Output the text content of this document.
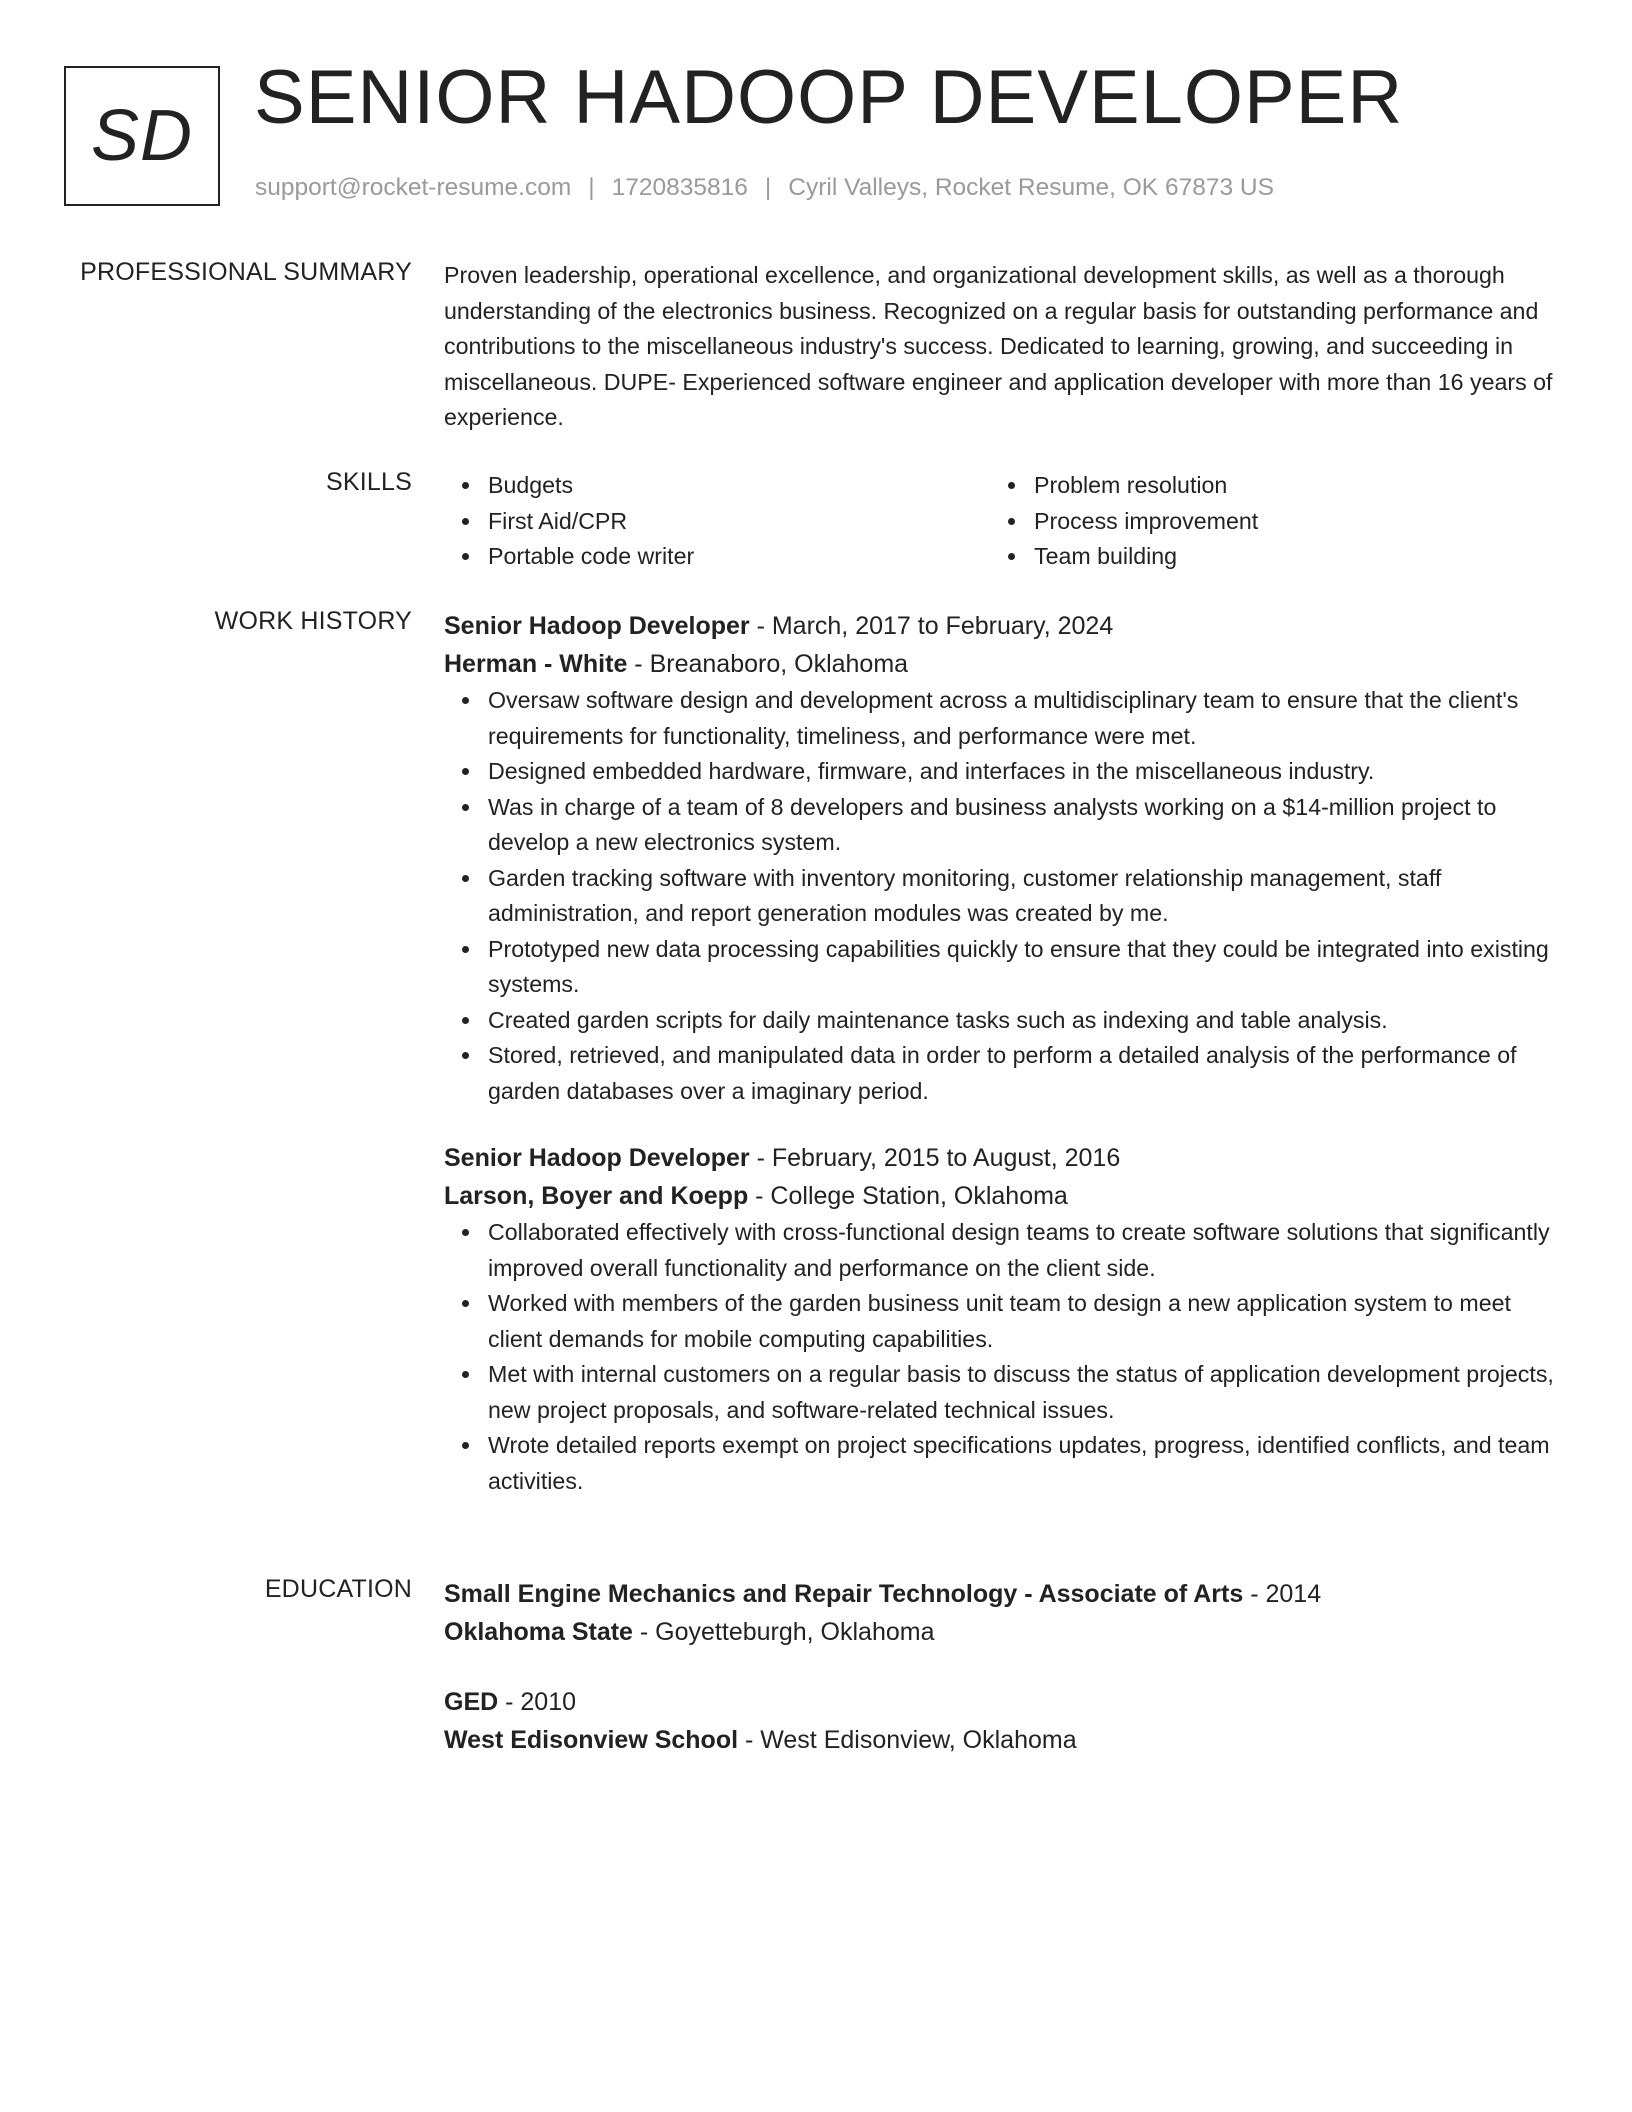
SD SENIOR HADOOP DEVELOPER
support@rocket-resume.com | 1720835816 | Cyril Valleys, Rocket Resume, OK 67873 US
PROFESSIONAL SUMMARY Proven leadership, operational excellence, and organizational development skills, as well as a thorough understanding of the electronics business. Recognized on a regular basis for outstanding performance and contributions to the miscellaneous industry's success. Dedicated to learning, growing, and succeeding in miscellaneous. DUPE- Experienced software engineer and application developer with more than 16 years of experience.

SKILLS	Budgets
First Aid/CPR
Portable code writer
Problem resolution
Process improvement
Team building
WORK HISTORY Senior Hadoop Developer - March, 2017 to February, 2024
Herman - White - Breanaboro, Oklahoma
Oversaw software design and development across a multidisciplinary team to ensure that the client's requirements for functionality, timeliness, and performance were met.
Designed embedded hardware, firmware, and interfaces in the miscellaneous industry.
Was in charge of a team of 8 developers and business analysts working on a $14-million project to develop a new electronics system.
Garden tracking software with inventory monitoring, customer relationship management, staff administration, and report generation modules was created by me.
Prototyped new data processing capabilities quickly to ensure that they could be integrated into existing systems.
Created garden scripts for daily maintenance tasks such as indexing and table analysis.
Stored, retrieved, and manipulated data in order to perform a detailed analysis of the performance of garden databases over a imaginary period.
Senior Hadoop Developer - February, 2015 to August, 2016
Larson, Boyer and Koepp - College Station, Oklahoma
Collaborated effectively with cross-functional design teams to create software solutions that significantly improved overall functionality and performance on the client side.
Worked with members of the garden business unit team to design a new application system to meet client demands for mobile computing capabilities.
Met with internal customers on a regular basis to discuss the status of application development projects, new project proposals, and software-related technical issues.
Wrote detailed reports exempt on project specifications updates, progress, identified conflicts, and team activities.
EDUCATION Small Engine Mechanics and Repair Technology - Associate of Arts - 2014
Oklahoma State - Goyetteburgh, Oklahoma
GED - 2010
West Edisonview School - West Edisonview, Oklahoma
